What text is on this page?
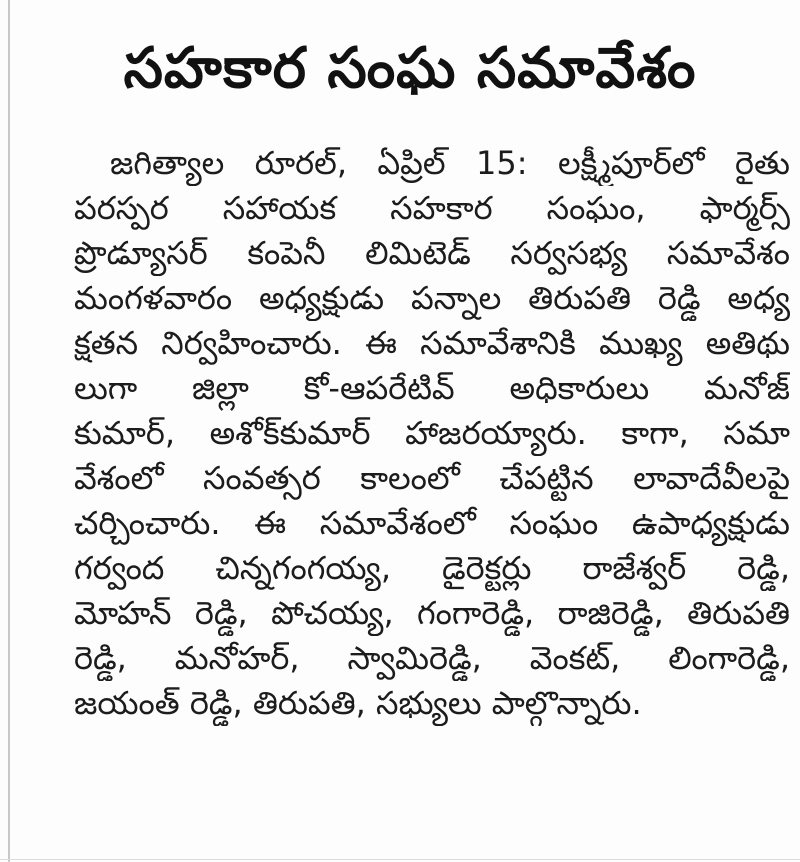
సహకార సంఘ సమావేశం
జగిత్యాల రూరల్, ఏప్రిల్ 15: లక్ష్మీపూర్‌లో రైతు
పరస్పర సహాయక సహకార సంఘం, ఫార్మర్స్
ప్రొడ్యూసర్ కంపెనీ లిమిటెడ్ సర్వసభ్య సమావేశం
మంగళవారం అధ్యక్షుడు పన్నాల తిరుపతి రెడ్డి అధ్య
క్షతన నిర్వహించారు. ఈ సమావేశానికి ముఖ్య అతిథు
లుగా జిల్లా కో-ఆపరేటివ్ అధికారులు మనోజ్
కుమార్, అశోక్‌కుమార్ హాజరయ్యారు. కాగా, సమా
వేశంలో సంవత్సర కాలంలో చేపట్టిన లావాదేవీలపై
చర్చించారు. ఈ సమావేశంలో సంఘం ఉపాధ్యక్షుడు
గర్వంద చిన్నగంగయ్య, డైరెక్టర్లు రాజేశ్వర్ రెడ్డి,
మోహన్ రెడ్డి, పోచయ్య, గంగారెడ్డి, రాజిరెడ్డి, తిరుపతి
రెడ్డి, మనోహర్, స్వామిరెడ్డి, వెంకట్, లింగారెడ్డి,
జయంత్ రెడ్డి, తిరుపతి, సభ్యులు పాల్గొన్నారు.
